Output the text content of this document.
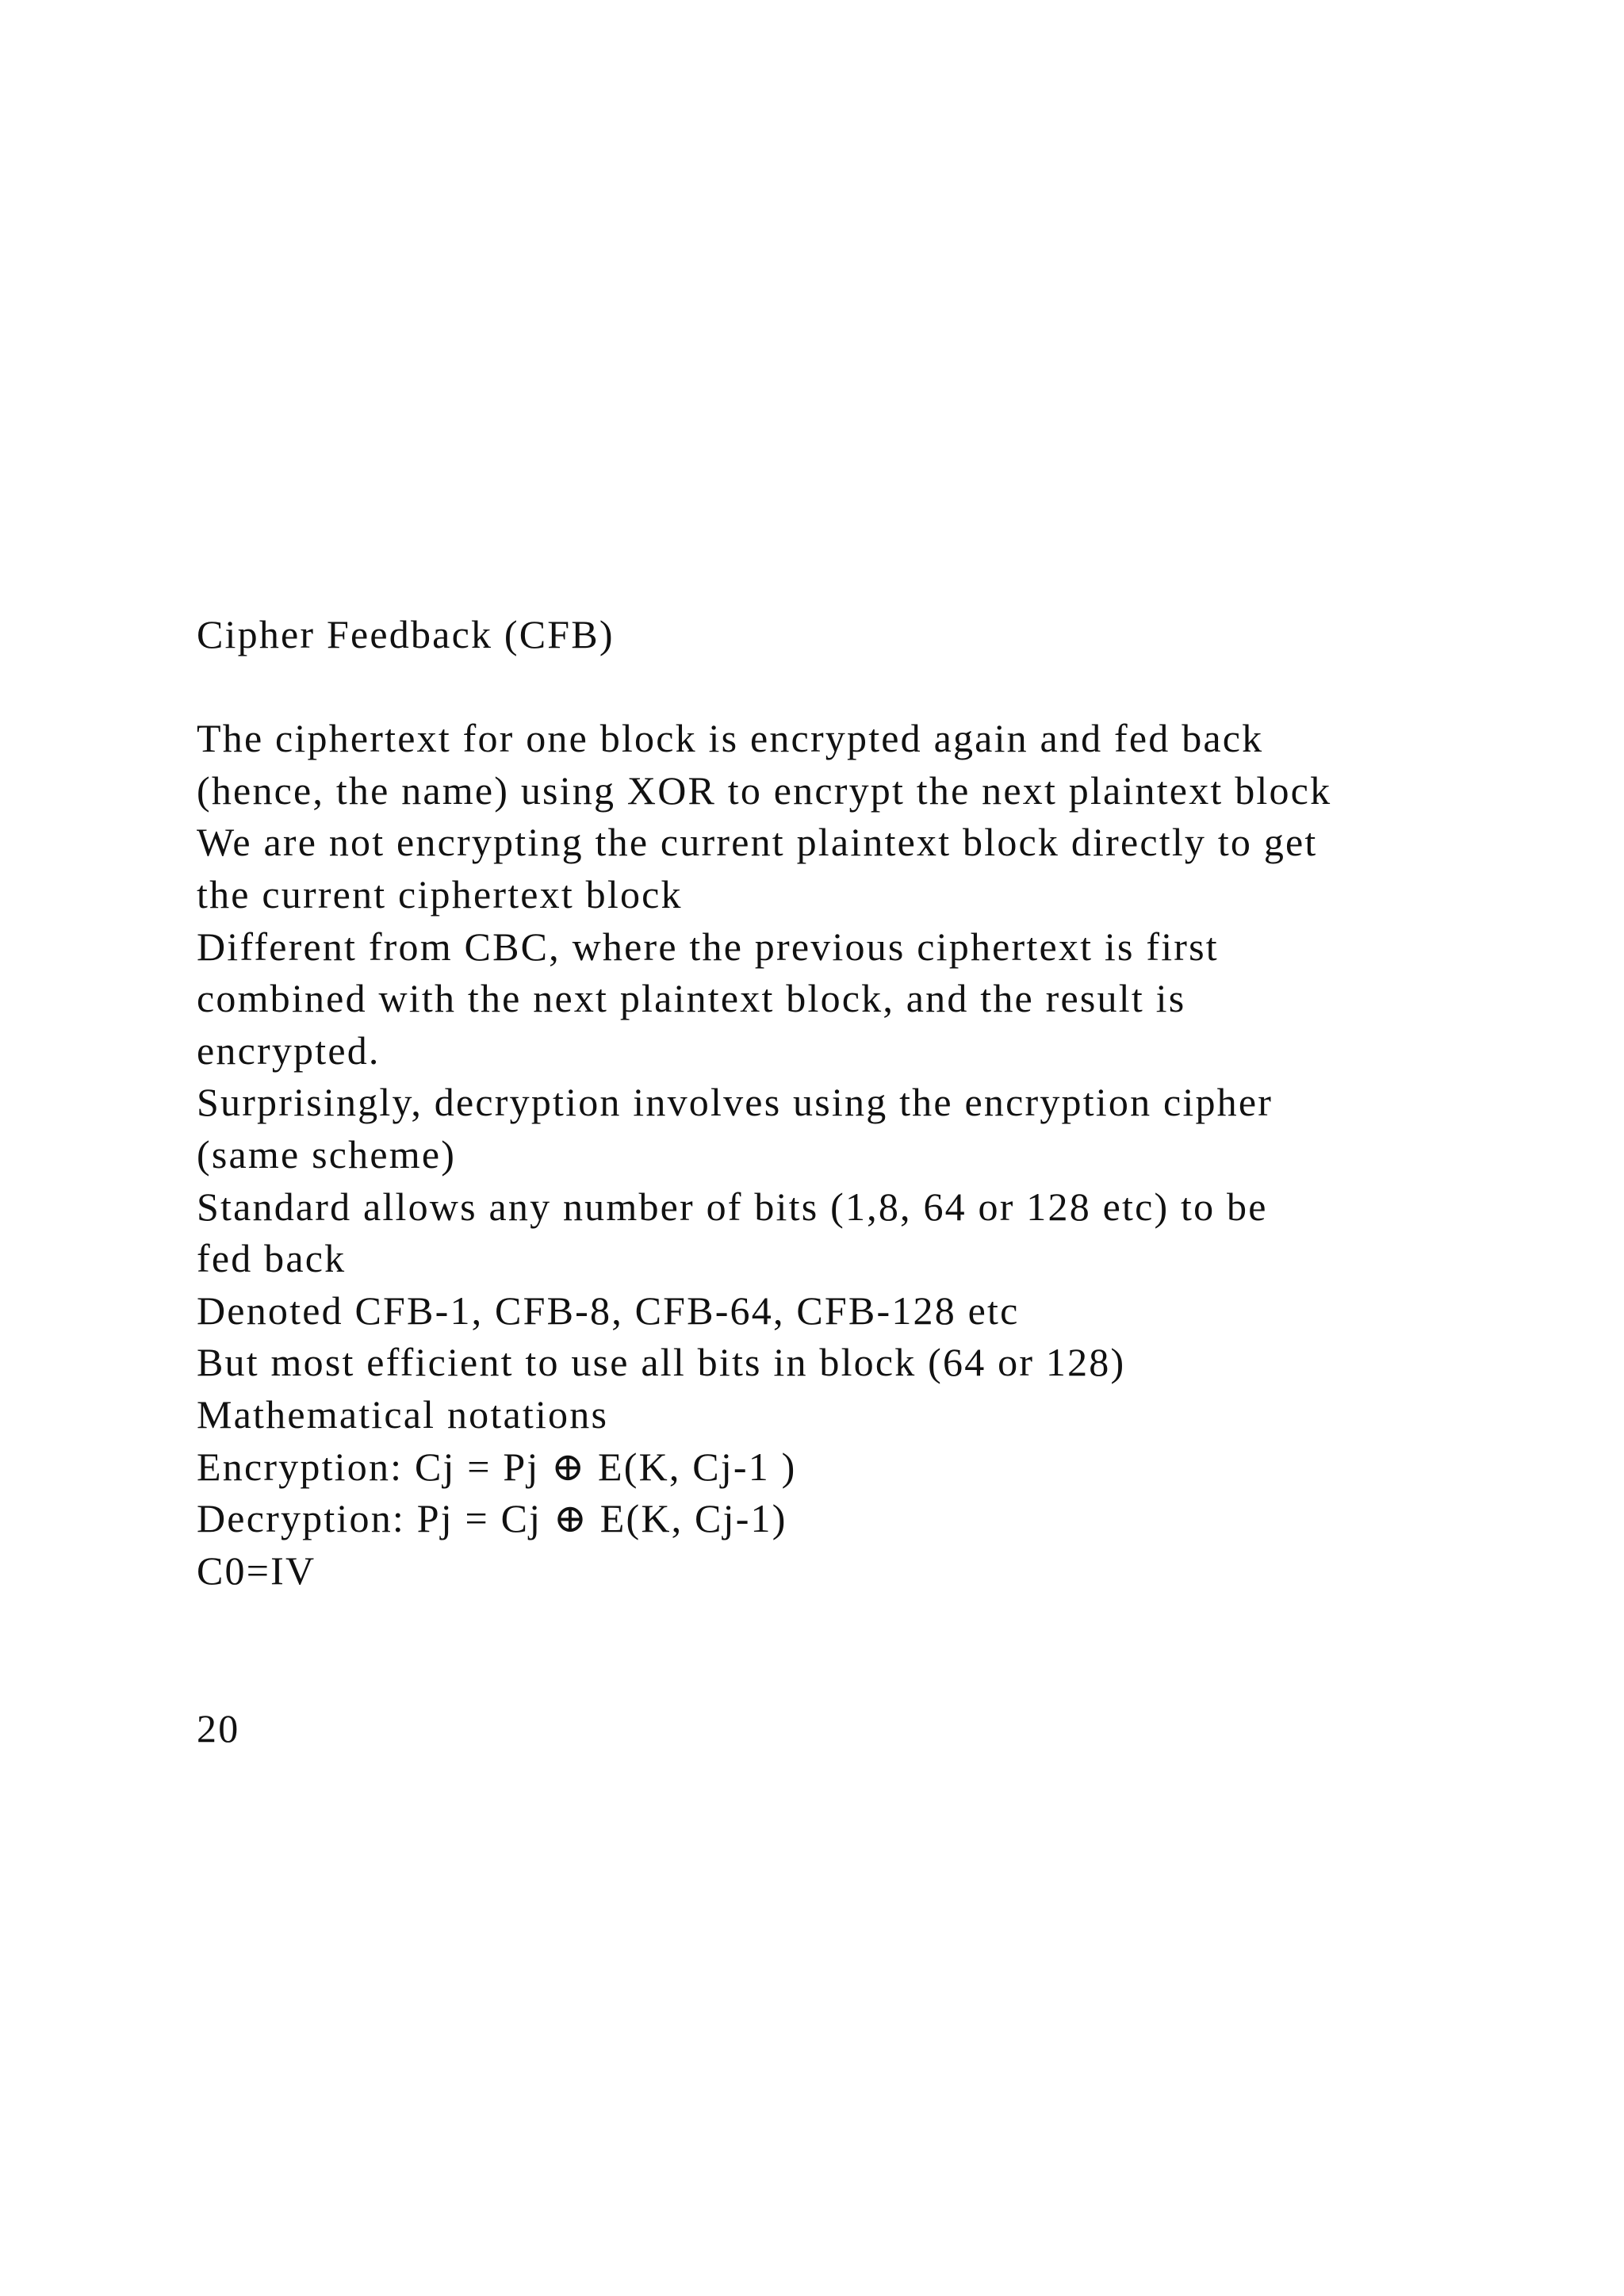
Cipher Feedback (CFB)

The ciphertext for one block is encrypted again and fed back

(hence, the name) using XOR to encrypt the next plaintext block

We are not encrypting the current plaintext block directly to get

the current ciphertext block

Different from CBC, where the previous ciphertext is first

combined with the next plaintext block, and the result is

encrypted.

Surprisingly, decryption involves using the encryption cipher

(same scheme)

Standard allows any number of bits (1,8, 64 or 128 etc) to be

fed back

Denoted CFB-1, CFB-8, CFB-64, CFB-128 etc

But most efficient to use all bits in block (64 or 128)

Mathematical notations

Encryption: Cj = Pj ⊕ E(K, Cj-1 )

Decryption: Pj = Cj ⊕ E(K, Cj-1)

C0=IV

20
